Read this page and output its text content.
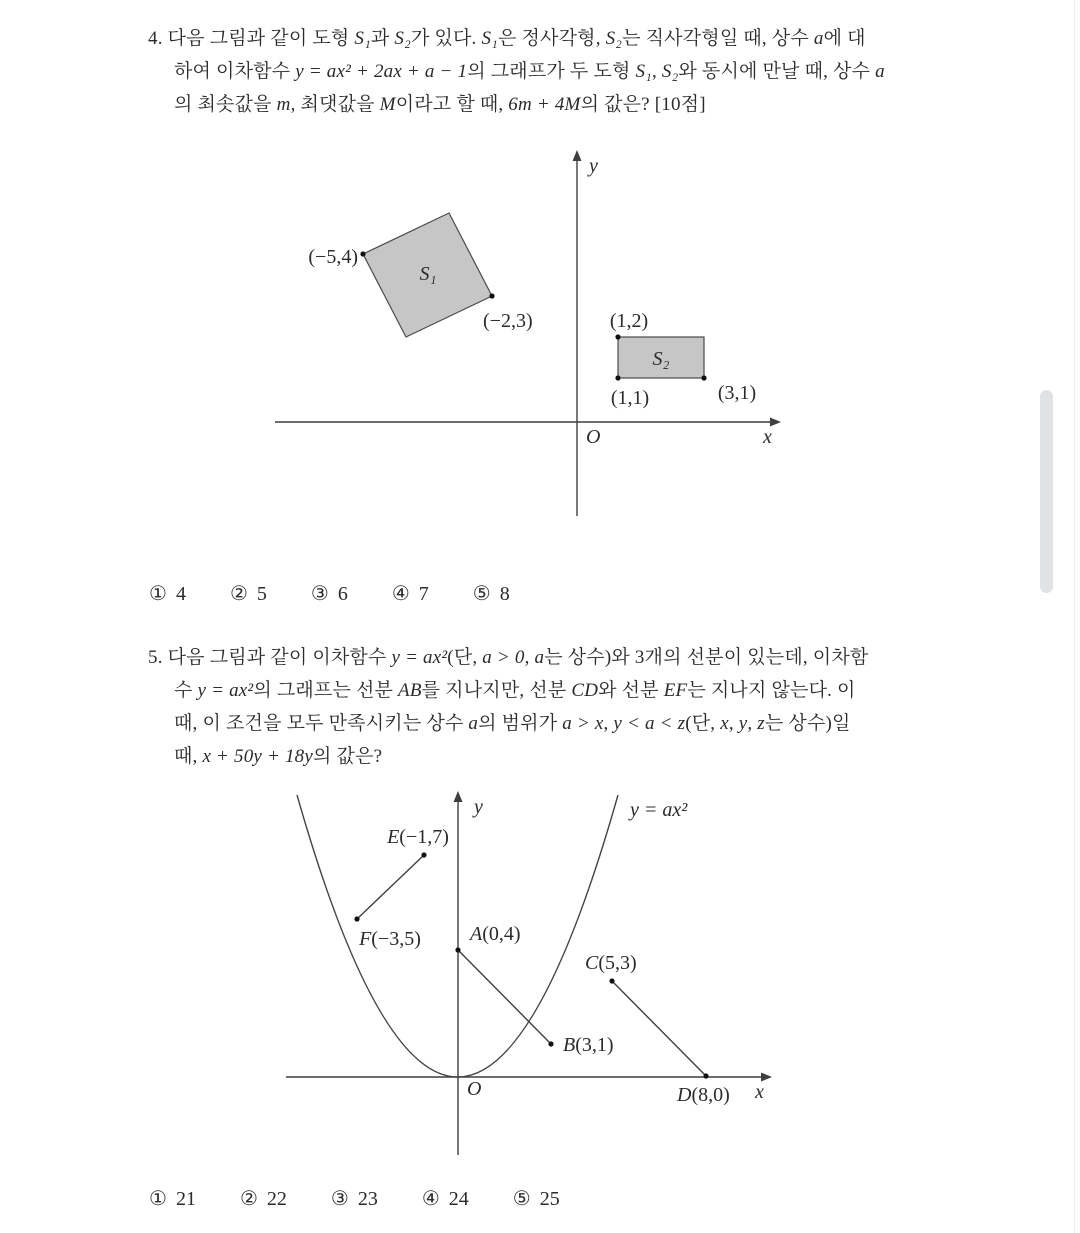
4. 다음 그림과 같이 도형 S₁과 S₂가 있다. S₁은 정사각형, S₂는 직사각형일 때, 상수 a에 대
하여 이차함수 y = ax² + 2ax + a − 1의 그래프가 두 도형 S₁, S₂와 동시에 만날 때, 상수 a
의 최솟값을 m, 최댓값을 M이라고 할 때, 6m + 4M의 값은? [10점]
y
x
O
S₁
(−5,4)
(−2,3)
S₂
(1,2)
(1,1)	(3,1)
① 4 ② 5 ③ 6 ④ 7 ⑤ 8
5. 다음 그림과 같이 이차함수 y = ax²(단, a > 0, a는 상수)와 3개의 선분이 있는데, 이차함
수 y = ax²의 그래프는 선분 AB를 지나지만, 선분 CD와 선분 EF는 지나지 않는다. 이
때, 이 조건을 모두 만족시키는 상수 a의 범위가 a > x, y < a < z(단, x, y, z는 상수)일
때, x + 50y + 18y의 값은?
y
x
O
y = ax²
E(−1,7)
F(−3,5) A(0,4)
B(3,1)
C(5,3)
D(8,0)
① 21 ② 22 ③ 23 ④ 24 ⑤ 25
